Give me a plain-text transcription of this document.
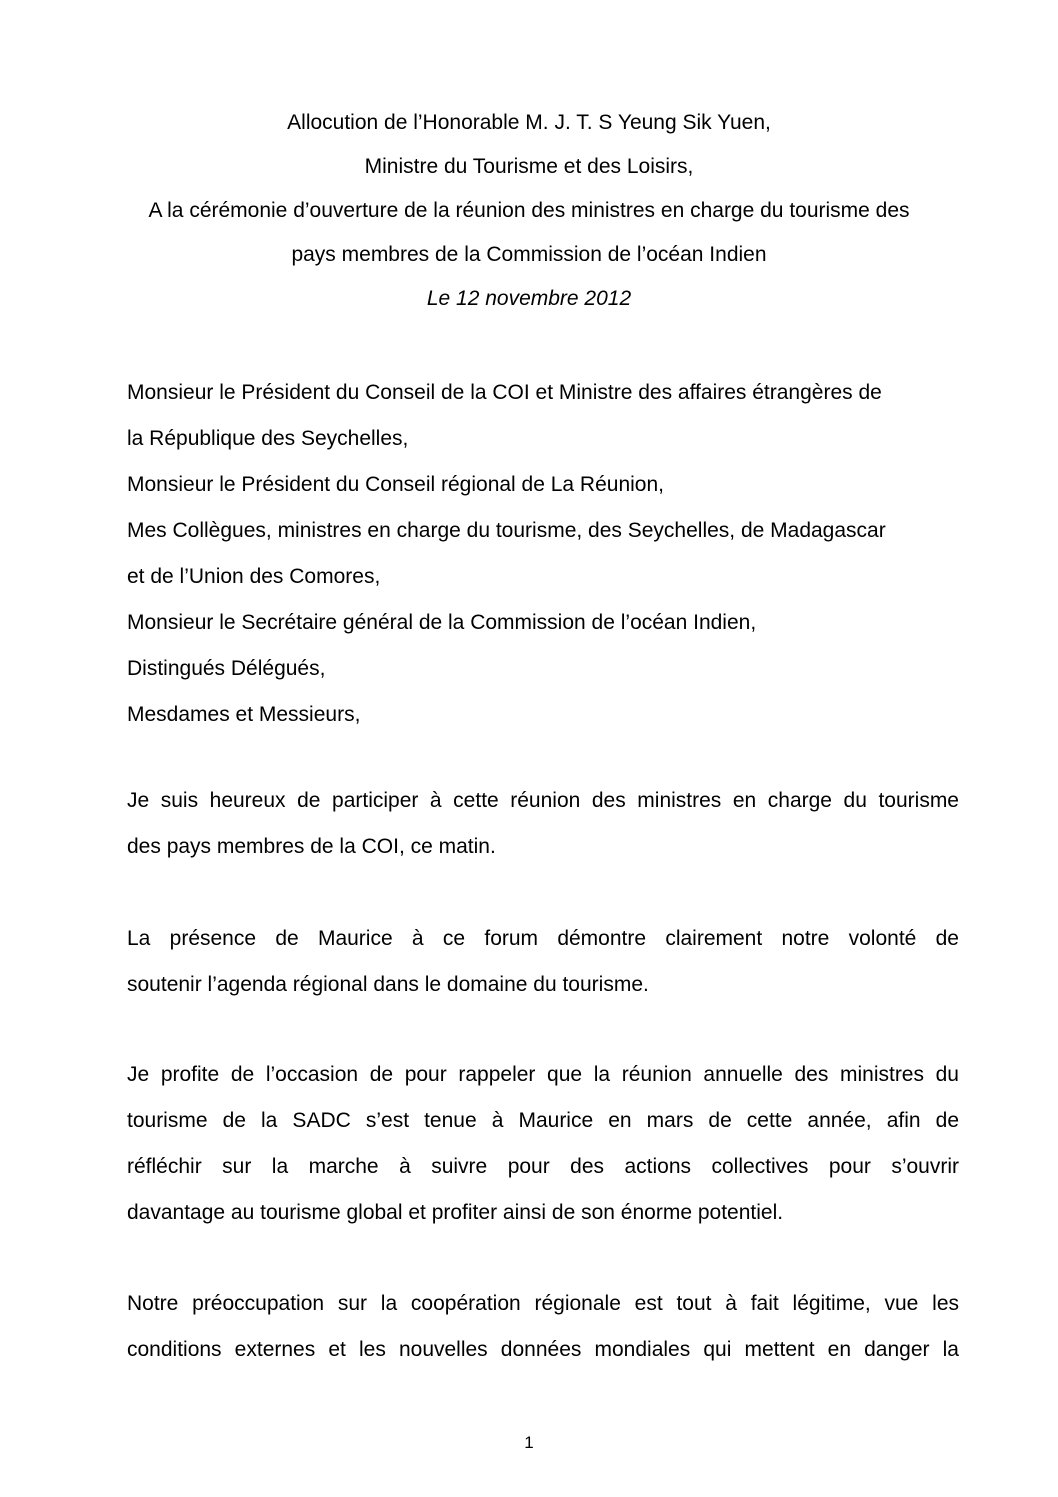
Allocution de l’Honorable M. J. T. S Yeung Sik Yuen,
Ministre du Tourisme et des Loisirs,
A la cérémonie d’ouverture de la réunion des ministres en charge du tourisme des
pays membres de la Commission de l’océan Indien
Le 12 novembre 2012
Monsieur le Président du Conseil de la COI et Ministre des affaires étrangères de
la République des Seychelles,
Monsieur le Président du Conseil régional de La Réunion,
Mes Collègues, ministres en charge du tourisme, des Seychelles, de Madagascar
et de l’Union des Comores,
Monsieur le Secrétaire général de la Commission de l’océan Indien,
Distingués Délégués,
Mesdames et Messieurs,
Je suis heureux de participer à cette réunion des ministres en charge du tourisme
des pays membres de la COI, ce matin.
La présence de Maurice à ce forum démontre clairement notre volonté de
soutenir l’agenda régional dans le domaine du tourisme.
Je profite de l’occasion de pour rappeler que la réunion annuelle des ministres du
tourisme de la SADC s’est tenue à Maurice en mars de cette année, afin de
réfléchir sur la marche à suivre pour des actions collectives pour s’ouvrir
davantage au tourisme global et profiter ainsi de son énorme potentiel.
Notre préoccupation sur la coopération régionale est tout à fait légitime, vue les
conditions externes et les nouvelles données mondiales qui mettent en danger la
1
